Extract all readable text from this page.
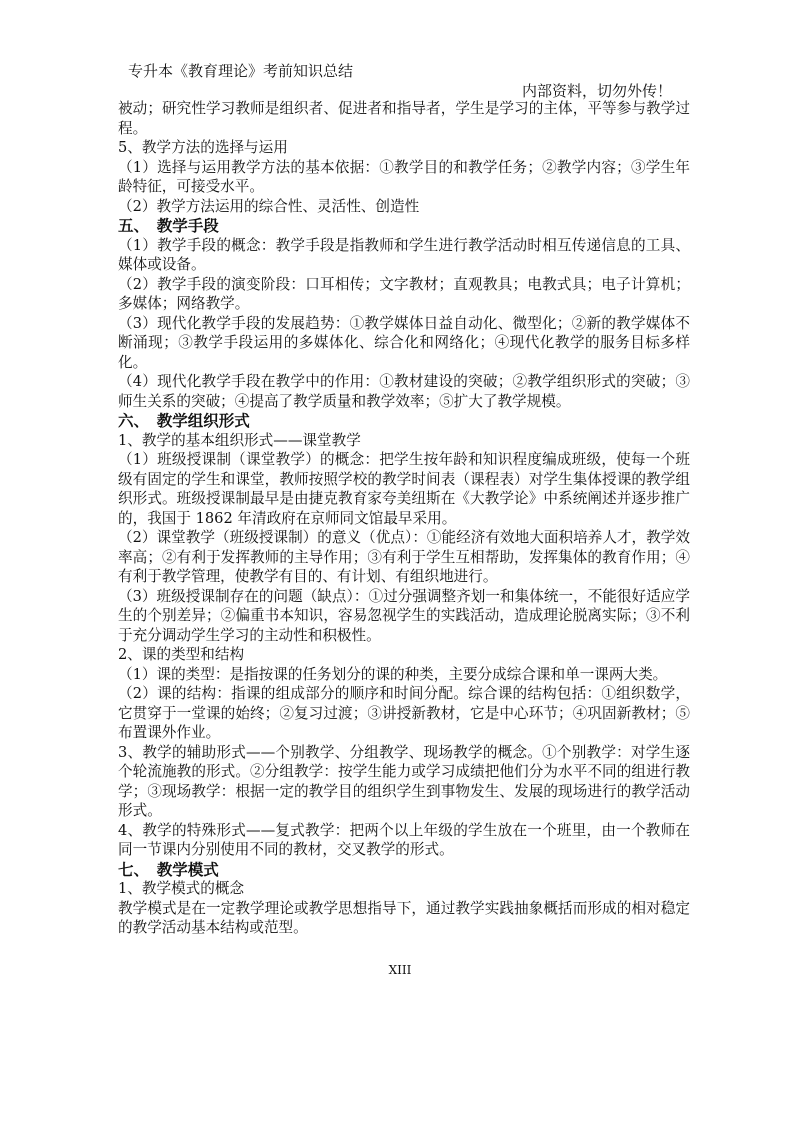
专升本《教育理论》考前知识总结
内部资料，切勿外传！

被动；研究性学习教师是组织者、促进者和指导者，学生是学习的主体，平等参与教学过程。

5、教学方法的选择与运用

（1）选择与运用教学方法的基本依据：①教学目的和教学任务；②教学内容；③学生年龄特征，可接受水平。

（2）教学方法运用的综合性、灵活性、创造性

五、　教学手段

（1）教学手段的概念：教学手段是指教师和学生进行教学活动时相互传递信息的工具、媒体或设备。

（2）教学手段的演变阶段：口耳相传；文字教材；直观教具；电教式具；电子计算机；多媒体；网络教学。

（3）现代化教学手段的发展趋势：①教学媒体日益自动化、微型化；②新的教学媒体不断涌现；③教学手段运用的多媒体化、综合化和网络化；④现代化教学的服务目标多样化。

（4）现代化教学手段在教学中的作用：①教材建设的突破；②教学组织形式的突破；③师生关系的突破；④提高了教学质量和教学效率；⑤扩大了教学规模。

六、　教学组织形式

1、教学的基本组织形式——课堂教学

（1）班级授课制（课堂教学）的概念：把学生按年龄和知识程度编成班级，使每一个班级有固定的学生和课堂，教师按照学校的教学时间表（课程表）对学生集体授课的教学组织形式。班级授课制最早是由捷克教育家夸美纽斯在《大教学论》中系统阐述并逐步推广的，我国于 1862 年清政府在京师同文馆最早采用。

（2）课堂教学（班级授课制）的意义（优点）：①能经济有效地大面积培养人才，教学效率高；②有利于发挥教师的主导作用；③有利于学生互相帮助，发挥集体的教育作用；④有利于教学管理，使教学有目的、有计划、有组织地进行。

（3）班级授课制存在的问题（缺点）：①过分强调整齐划一和集体统一，不能很好适应学生的个别差异；②偏重书本知识，容易忽视学生的实践活动，造成理论脱离实际；③不利于充分调动学生学习的主动性和积极性。

2、课的类型和结构

（1）课的类型：是指按课的任务划分的课的种类，主要分成综合课和单一课两大类。

（2）课的结构：指课的组成部分的顺序和时间分配。综合课的结构包括：①组织数学，它贯穿于一堂课的始终；②复习过渡；③讲授新教材，它是中心环节；④巩固新教材；⑤布置课外作业。

3、教学的辅助形式——个别教学、分组教学、现场教学的概念。①个别教学：对学生逐个轮流施教的形式。②分组教学：按学生能力或学习成绩把他们分为水平不同的组进行教学；③现场教学：根据一定的教学目的组织学生到事物发生、发展的现场进行的教学活动形式。

4、教学的特殊形式——复式教学：把两个以上年级的学生放在一个班里，由一个教师在同一节课内分别使用不同的教材，交叉教学的形式。

七、　教学模式

1、教学模式的概念

教学模式是在一定教学理论或教学思想指导下，通过教学实践抽象概括而形成的相对稳定的教学活动基本结构或范型。

XIII
